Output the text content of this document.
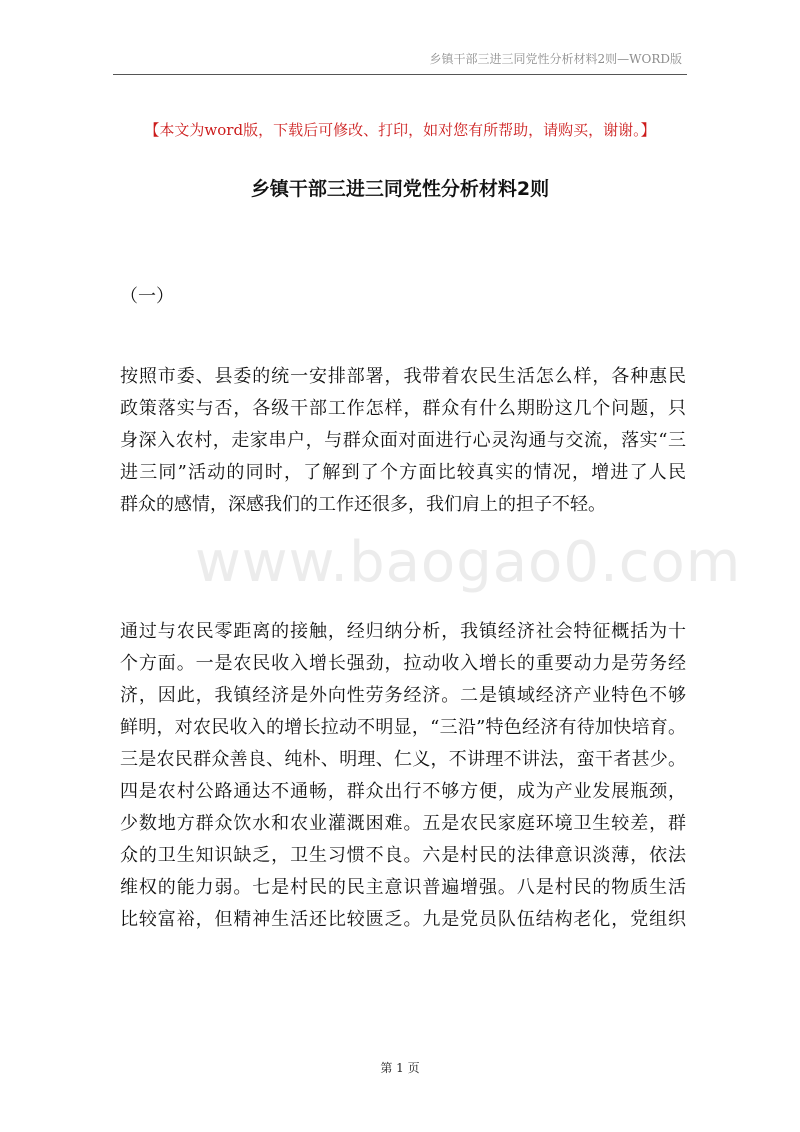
乡镇干部三进三同党性分析材料2则—WORD版
www.baogao0.com
【本文为word版，下载后可修改、打印，如对您有所帮助，请购买，谢谢。】
乡镇干部三进三同党性分析材料2则
（一）
按照市委、县委的统一安排部署，我带着农民生活怎么样，各种惠民
政策落实与否，各级干部工作怎样，群众有什么期盼这几个问题，只
身深入农村，走家串户，与群众面对面进行心灵沟通与交流，落实“三
进三同”活动的同时，了解到了个方面比较真实的情况，增进了人民
群众的感情，深感我们的工作还很多，我们肩上的担子不轻。
通过与农民零距离的接触，经归纳分析，我镇经济社会特征概括为十
个方面。一是农民收入增长强劲，拉动收入增长的重要动力是劳务经
济，因此，我镇经济是外向性劳务经济。二是镇域经济产业特色不够
鲜明，对农民收入的增长拉动不明显，“三沿”特色经济有待加快培育。
三是农民群众善良、纯朴、明理、仁义，不讲理不讲法，蛮干者甚少。
四是农村公路通达不通畅，群众出行不够方便，成为产业发展瓶颈，
少数地方群众饮水和农业灌溉困难。五是农民家庭环境卫生较差，群
众的卫生知识缺乏，卫生习惯不良。六是村民的法律意识淡薄，依法
维权的能力弱。七是村民的民主意识普遍增强。八是村民的物质生活
比较富裕，但精神生活还比较匮乏。九是党员队伍结构老化，党组织
第 1 页
